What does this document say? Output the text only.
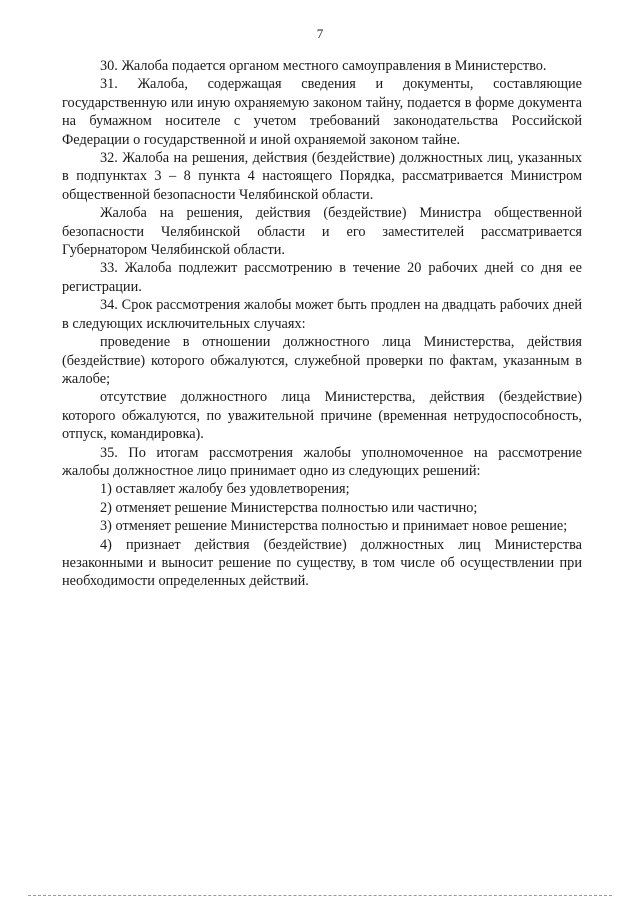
7

30. Жалоба подается органом местного самоуправления в Министерство.

31. Жалоба, содержащая сведения и документы, составляющие государственную или иную охраняемую законом тайну, подается в форме документа на бумажном носителе с учетом требований законодательства Российской Федерации о государственной и иной охраняемой законом тайне.

32. Жалоба на решения, действия (бездействие) должностных лиц, указанных в подпунктах 3 – 8 пункта 4 настоящего Порядка, рассматривается Министром общественной безопасности Челябинской области.

Жалоба на решения, действия (бездействие) Министра общественной безопасности Челябинской области и его заместителей рассматривается Губернатором Челябинской области.

33. Жалоба подлежит рассмотрению в течение 20 рабочих дней со дня ее регистрации.

34. Срок рассмотрения жалобы может быть продлен на двадцать рабочих дней в следующих исключительных случаях:

проведение в отношении должностного лица Министерства, действия (бездействие) которого обжалуются, служебной проверки по фактам, указанным в жалобе;

отсутствие должностного лица Министерства, действия (бездействие) которого обжалуются, по уважительной причине (временная нетрудоспособность, отпуск, командировка).

35. По итогам рассмотрения жалобы уполномоченное на рассмотрение жалобы должностное лицо принимает одно из следующих решений:

1) оставляет жалобу без удовлетворения;

2) отменяет решение Министерства полностью или частично;

3) отменяет решение Министерства полностью и принимает новое решение;

4) признает действия (бездействие) должностных лиц Министерства незаконными и выносит решение по существу, в том числе об осуществлении при необходимости определенных действий.
